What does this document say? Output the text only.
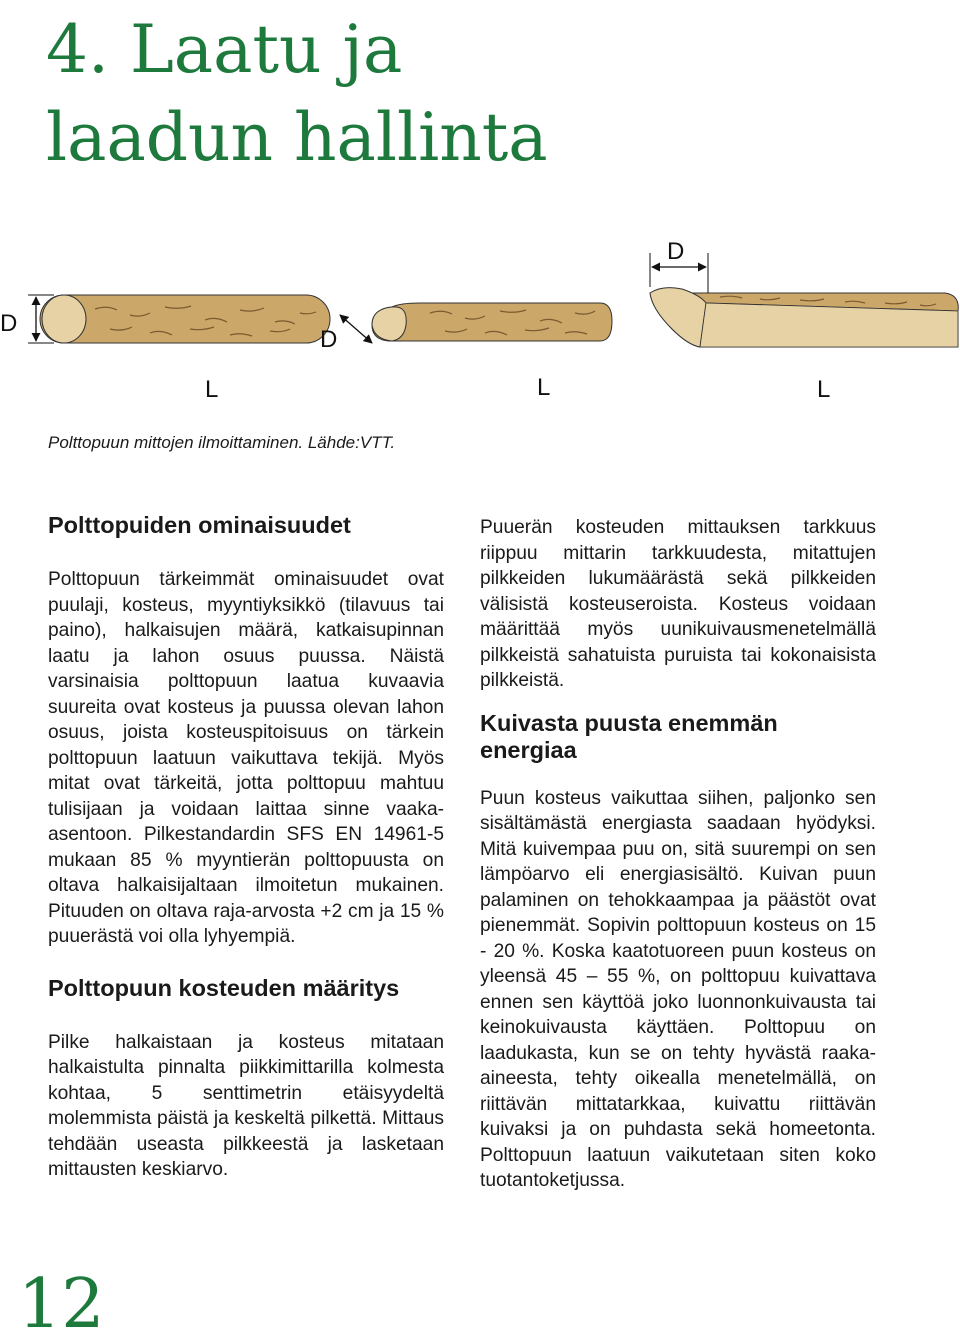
4. Laatu ja
laadun hallinta
D
L
D
L
D
L
Polttopuun mittojen ilmoittaminen. Lähde:VTT.
Polttopuiden ominaisuudet

Polttopuun tärkeimmät ominaisuudet ovat puulaji, kosteus, myyntiyksikkö (tilavuus tai paino), halkaisujen määrä, katkaisupinnan laatu ja lahon osuus puussa. Näistä varsinaisia polttopuun laatua kuvaavia suureita ovat kosteus ja puussa olevan lahon osuus, joista kosteuspitoisuus on tärkein polttopuun laatuun vaikuttava tekijä. Myös mitat ovat tärkeitä, jotta polttopuu mahtuu tulisijaan ja voidaan laittaa sinne vaaka-asentoon. Pilkestandardin SFS EN 14961-5 mukaan 85 % myyntierän polttopuusta on oltava halkaisijaltaan ilmoitetun mukainen. Pituuden on oltava raja-arvosta +2 cm ja 15 % puuerästä voi olla lyhyempiä.

Polttopuun kosteuden määritys

Pilke halkaistaan ja kosteus mitataan halkaistulta pinnalta piikkimittarilla kolmesta kohtaa, 5 senttimetrin etäisyydeltä molemmista päistä ja keskeltä pilkettä. Mittaus tehdään useasta pilkkeestä ja lasketaan mittausten keskiarvo.

Puuerän kosteuden mittauksen tarkkuus riippuu mittarin tarkkuudesta, mitattujen pilkkeiden lukumäärästä sekä pilkkeiden välisistä kosteuseroista. Kosteus voidaan määrittää myös uunikuivausmenetelmällä pilkkeistä sahatuista puruista tai kokonaisista pilkkeistä.

Kuivasta puusta enemmän energiaa

Puun kosteus vaikuttaa siihen, paljonko sen sisältämästä energiasta saadaan hyödyksi. Mitä kuivempaa puu on, sitä suurempi on sen lämpöarvo eli energiasisältö. Kuivan puun palaminen on tehokkaampaa ja päästöt ovat pienemmät. Sopivin polttopuun kosteus on 15 - 20 %. Koska kaatotuoreen puun kosteus on yleensä 45 – 55 %, on polttopuu kuivattava ennen sen käyttöä joko luonnonkuivausta tai keinokuivausta käyttäen. Polttopuu on laadukasta, kun se on tehty hyvästä raaka-aineesta, tehty oikealla menetelmällä, on riittävän mittatarkkaa, kuivattu riittävän kuivaksi ja on puhdasta sekä homeetonta. Polttopuun laatuun vaikutetaan siten koko tuotantoketjussa.

12
